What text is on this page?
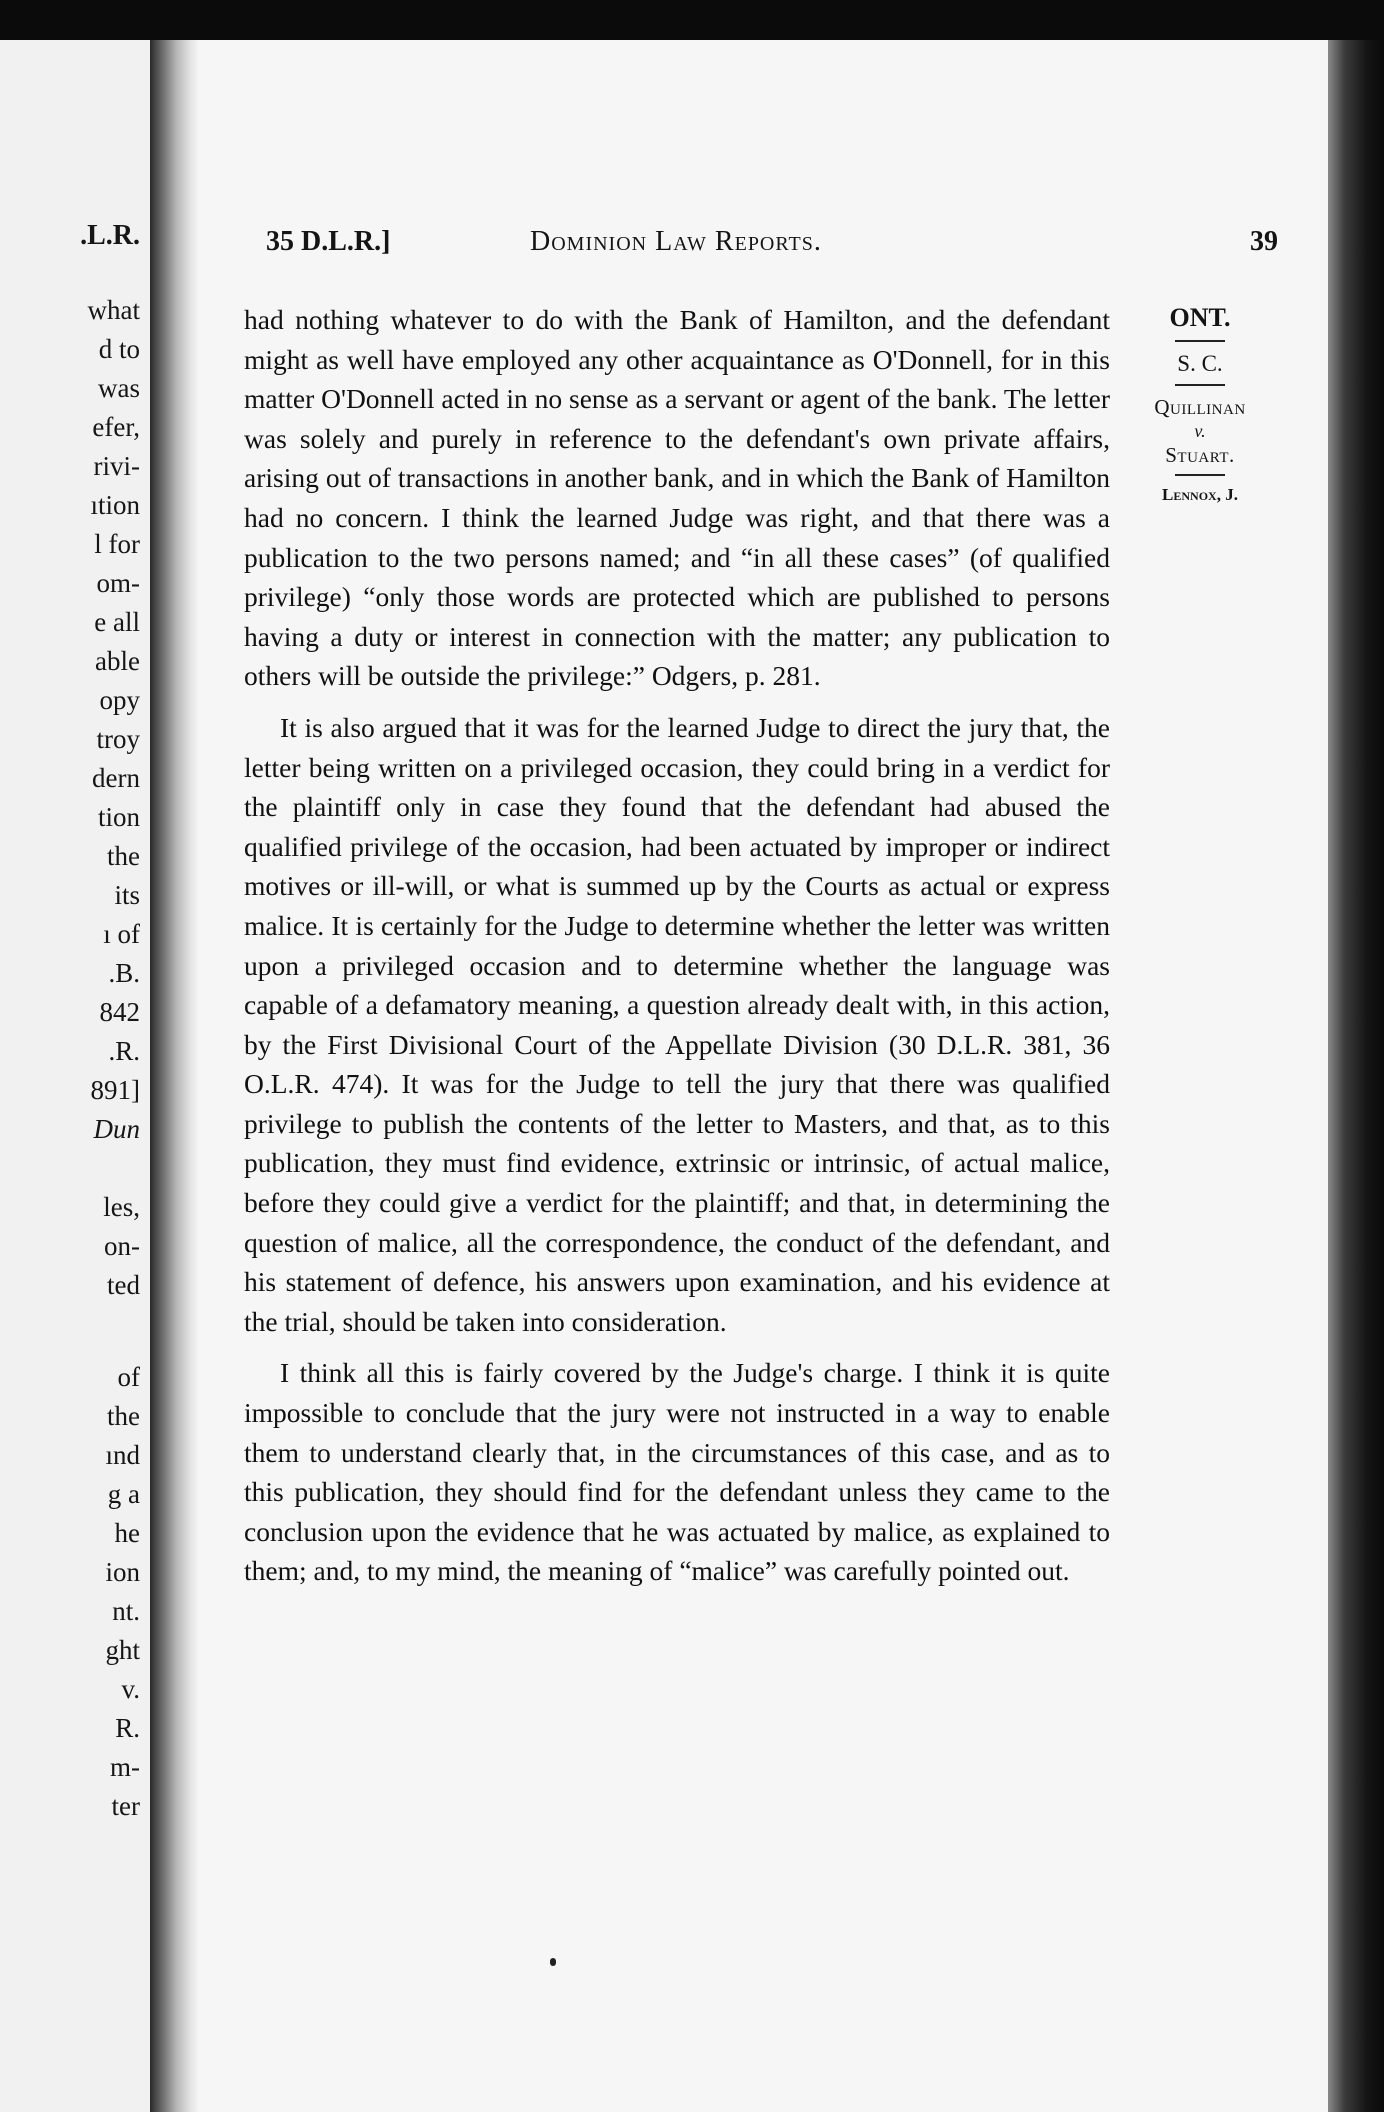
.L.R.
what
d to
was
efer,
rivi-
ıtion
l for
om-
e all
able
opy
troy
dern
tion
the
its
ı of
.B.
842
.R.
891]
Dun
les,
on-
ted
of
the
ınd
g a
he
ion
nt.
ght
v.
R.
m-
ter
35 D.L.R.]	Dominion Law Reports.	39

had nothing whatever to do with the Bank of Hamilton, and the defendant might as well have employed any other acquaintance as O'Donnell, for in this matter O'Donnell acted in no sense as a servant or agent of the bank. The letter was solely and purely in reference to the defendant's own private affairs, arising out of transactions in another bank, and in which the Bank of Hamilton had no concern. I think the learned Judge was right, and that there was a publication to the two persons named; and “in all these cases” (of qualified privilege) “only those words are protected which are published to persons having a duty or interest in connection with the matter; any publication to others will be outside the privilege:” Odgers, p. 281.

It is also argued that it was for the learned Judge to direct the jury that, the letter being written on a privileged occasion, they could bring in a verdict for the plaintiff only in case they found that the defendant had abused the qualified privilege of the occasion, had been actuated by improper or indirect motives or ill-will, or what is summed up by the Courts as actual or express malice. It is certainly for the Judge to determine whether the letter was written upon a privileged occasion and to determine whether the language was capable of a defamatory meaning, a question already dealt with, in this action, by the First Divisional Court of the Appellate Division (30 D.L.R. 381, 36 O.L.R. 474). It was for the Judge to tell the jury that there was qualified privilege to publish the contents of the letter to Masters, and that, as to this publication, they must find evidence, extrinsic or intrinsic, of actual malice, before they could give a verdict for the plaintiff; and that, in determining the question of malice, all the correspondence, the conduct of the defendant, and his statement of defence, his answers upon examination, and his evidence at the trial, should be taken into consideration.

I think all this is fairly covered by the Judge's charge. I think it is quite impossible to conclude that the jury were not instructed in a way to enable them to understand clearly that, in the circumstances of this case, and as to this publication, they should find for the defendant unless they came to the conclusion upon the evidence that he was actuated by malice, as explained to them; and, to my mind, the meaning of “malice” was carefully pointed out.

ONT.
S. C.
Quillinan
v.
Stuart.
Lennox, J.
